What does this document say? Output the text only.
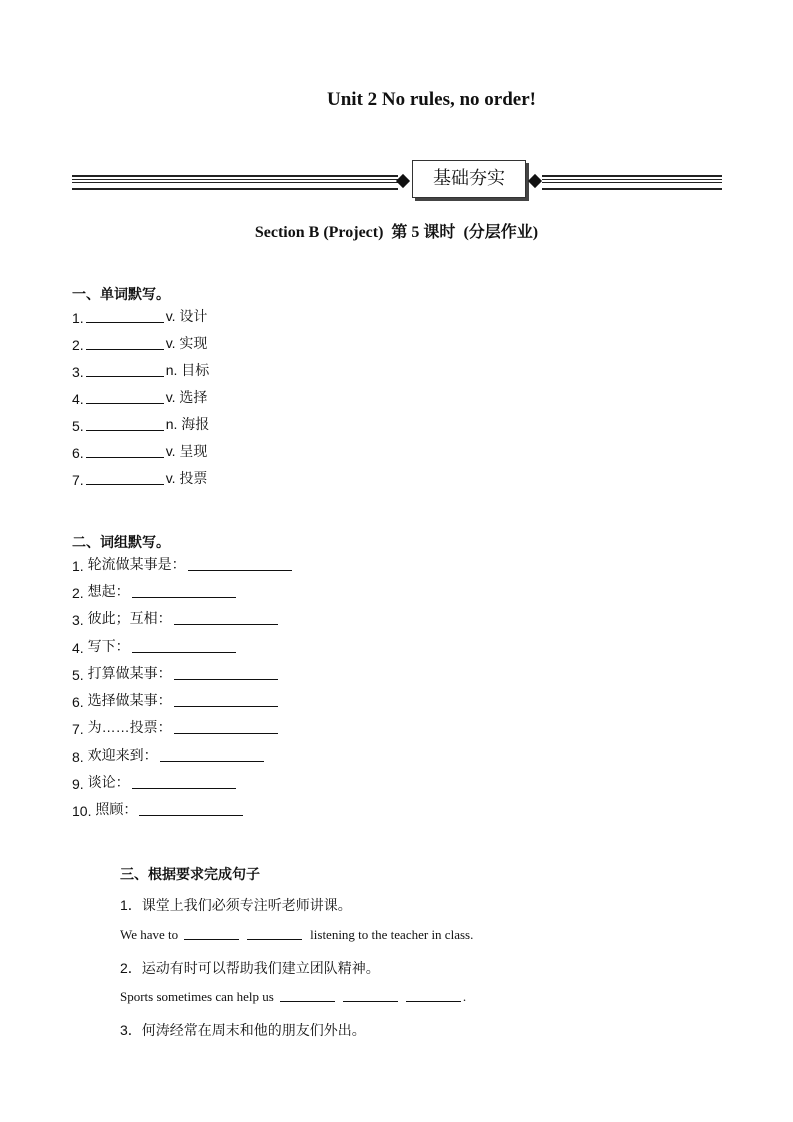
Unit 2 No rules, no order!
基础夯实
Section B (Project) 第 5 课时 (分层作业)
一、单词默写。
1.	v. 设计
2.	v. 实现
3.	n. 目标
4.	v. 选择
5.	n. 海报
6.	v. 呈现
7.	v. 投票
二、词组默写。
1.
轮流做某事是：
2.
想起：
3.
彼此；互相：
4.
写下：
5.
打算做某事：
6.
选择做某事：
7.
为……投票：
8.
欢迎来到：
9.
谈论：
10.
照顾：
三、根据要求完成句子
1．课堂上我们必须专注听老师讲课。
We have to	listening to the teacher in class.
2．运动有时可以帮助我们建立团队精神。
Sports sometimes can help us	.
3．何涛经常在周末和他的朋友们外出。
